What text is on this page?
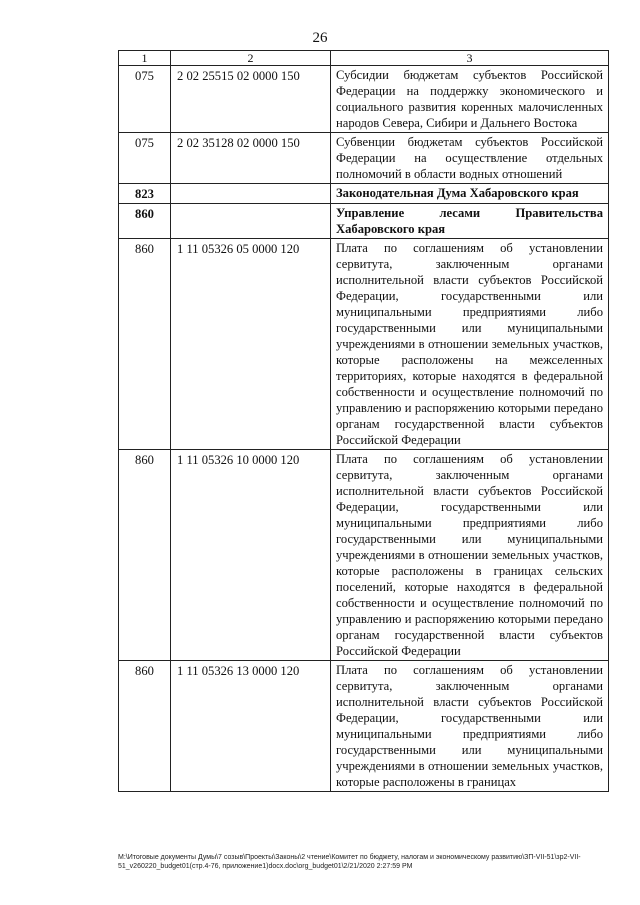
26
1	2	3
075	2 02 25515 02 0000 150	Субсидии бюджетам субъектов Российской Федерации на поддержку экономического и социального развития коренных малочисленных народов Севера, Сибири и Дальнего Востока
075	2 02 35128 02 0000 150	Субвенции бюджетам субъектов Российской Федерации на осуществление отдельных полномочий в области водных отношений
823		Законодательная Дума Хабаровского края
860		Управление лесами Правительства Хабаровского края
860	1 11 05326 05 0000 120	Плата по соглашениям об установлении сервитута, заключенным органами исполнительной власти субъектов Российской Федерации, государственными или муниципальными предприятиями либо государственными или муниципальными учреждениями в отношении земельных участков, которые расположены на межселенных территориях, которые находятся в федеральной собственности и осуществление полномочий по управлению и распоряжению которыми передано органам государственной власти субъектов Российской Федерации
860	1 11 05326 10 0000 120	Плата по соглашениям об установлении сервитута, заключенным органами исполнительной власти субъектов Российской Федерации, государственными или муниципальными предприятиями либо государственными или муниципальными учреждениями в отношении земельных участков, которые расположены в границах сельских поселений, которые находятся в федеральной собственности и осуществление полномочий по управлению и распоряжению которыми передано органам государственной власти субъектов Российской Федерации
860	1 11 05326 13 0000 120	Плата по соглашениям об установлении сервитута, заключенным органами исполнительной власти субъектов Российской Федерации, государственными или муниципальными предприятиями либо государственными или муниципальными учреждениями в отношении земельных участков, которые расположены в границах
M:\Итоговые документы Думы\7 созыв\Проекты\Законы\2 чтение\Комитет по бюджету, налогам и экономическому развитию\ЗП-VII-51\зр2-VII-51_v260220_budget01(стр.4-76, приложение1)docx.doc\org_budget01\2/21/2020 2:27:59 PM
